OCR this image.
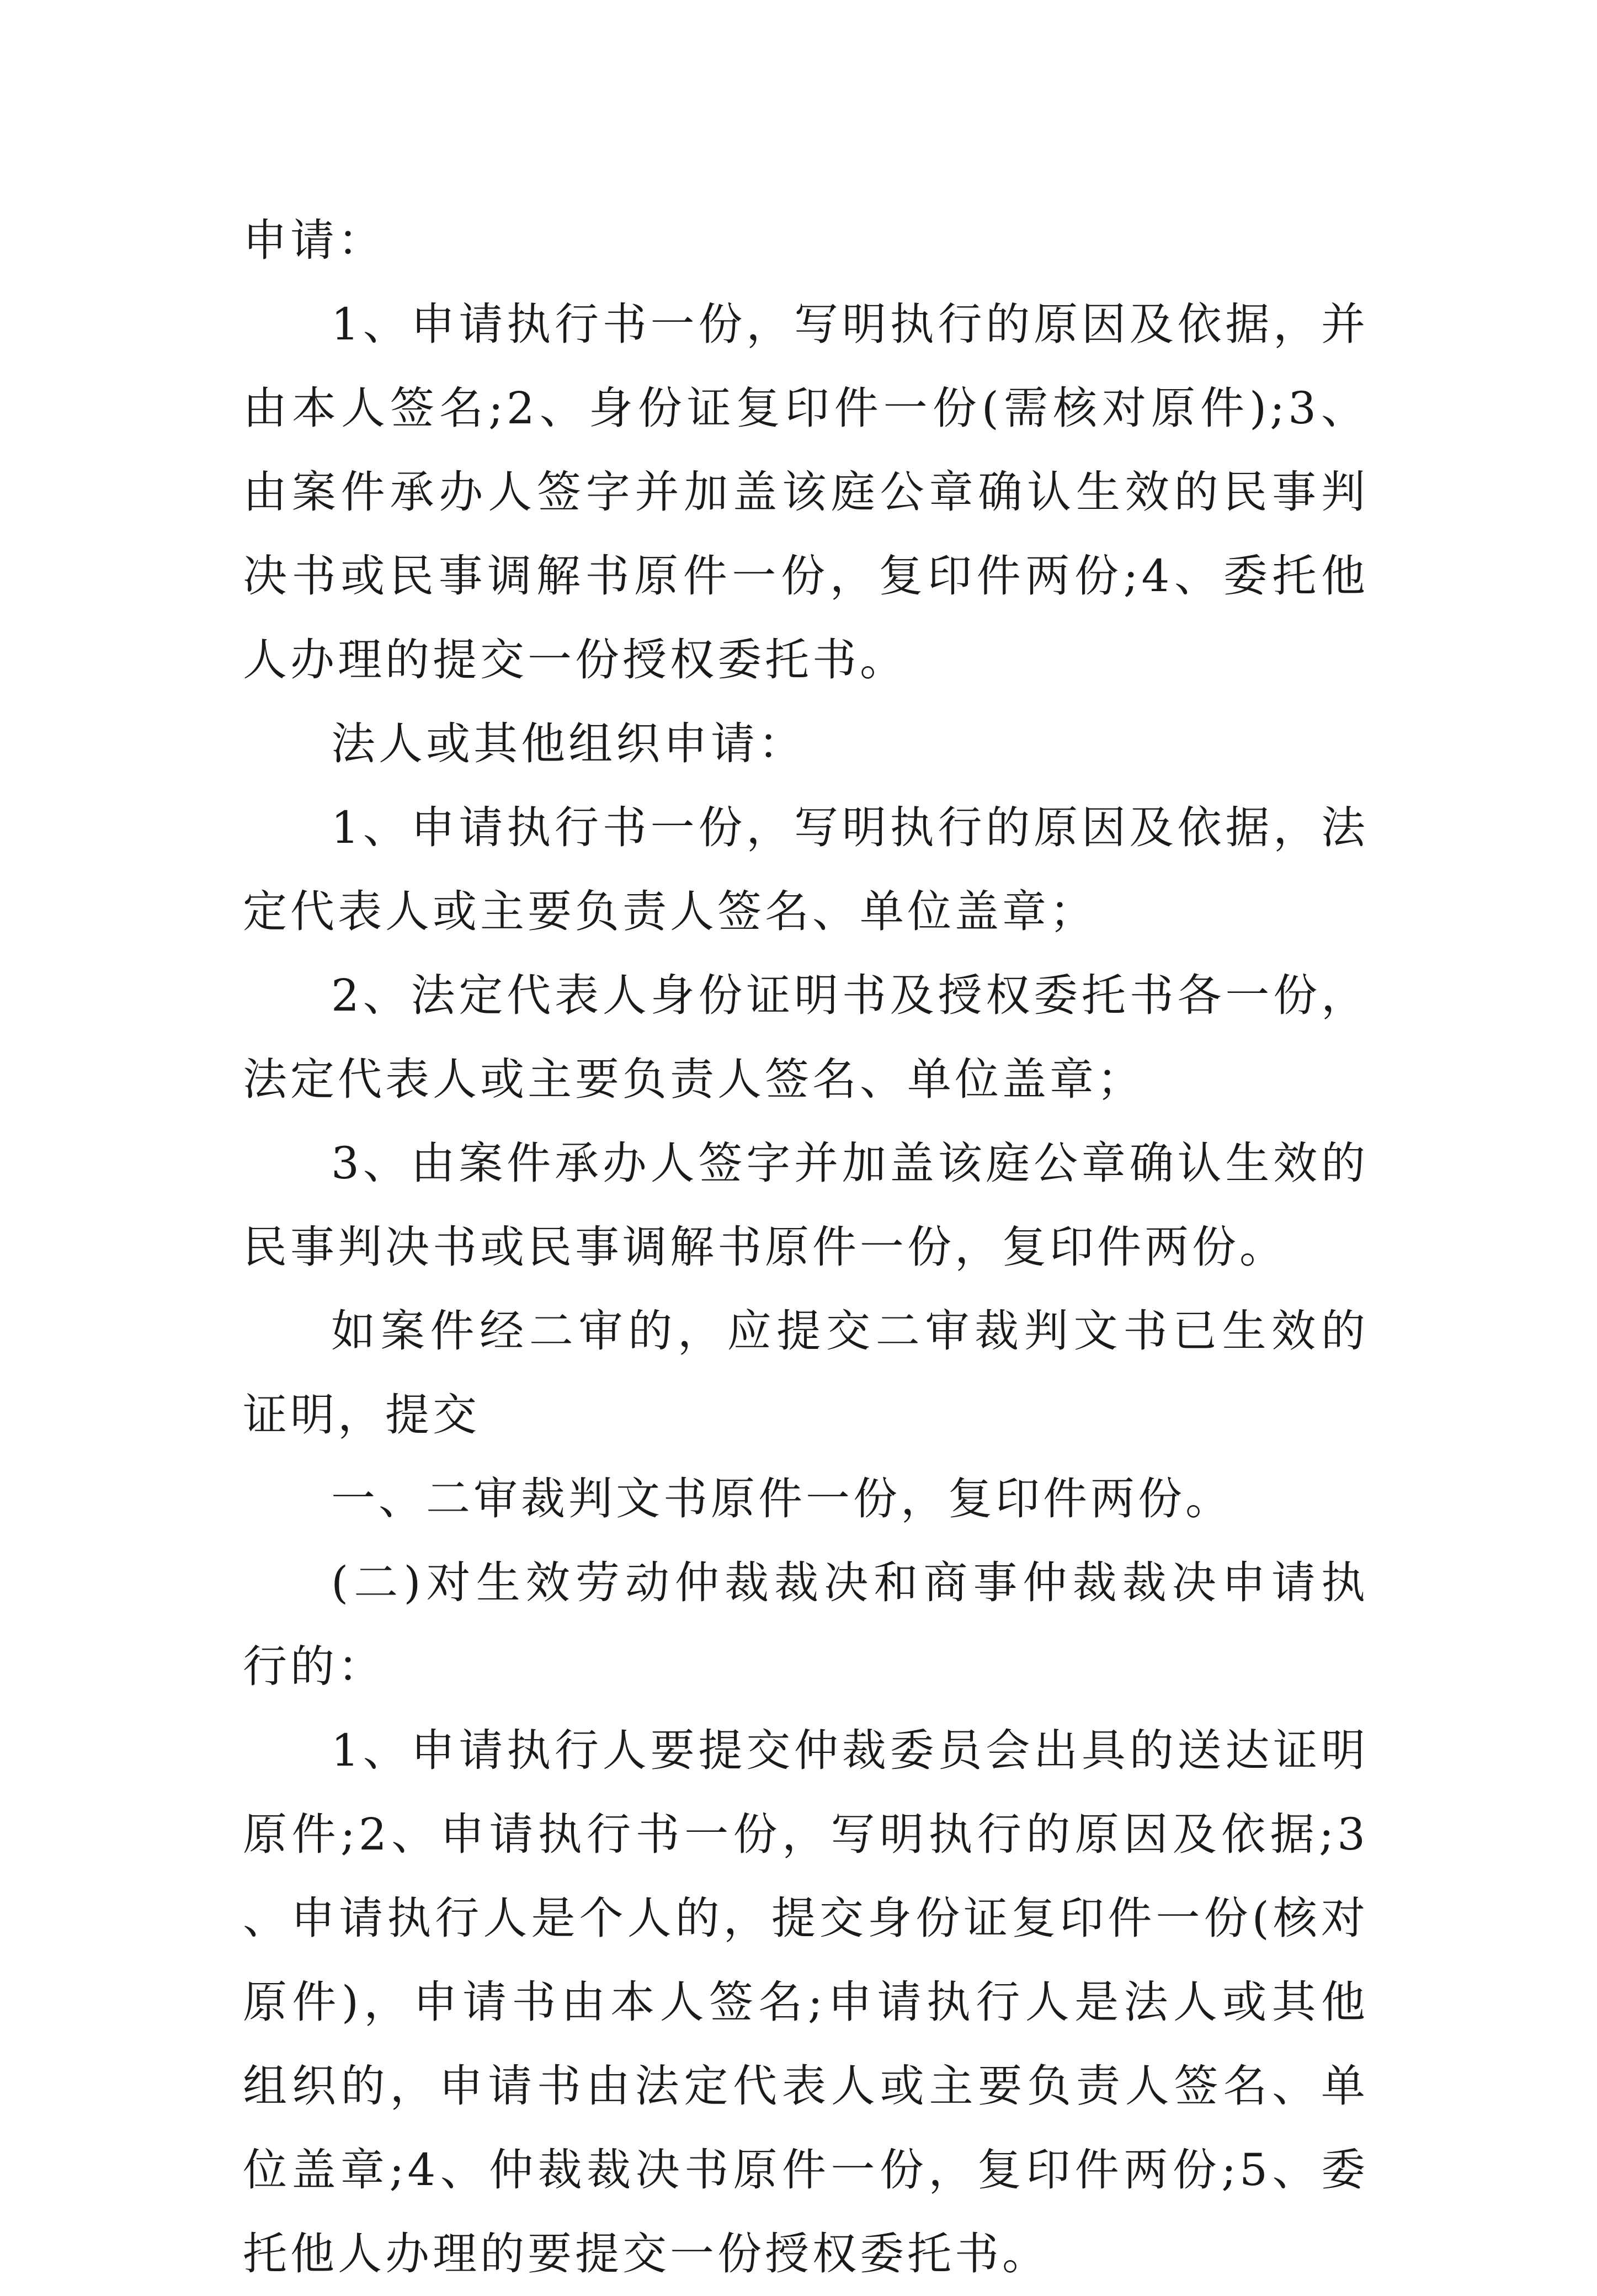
申请：

1、申请执行书一份，写明执行的原因及依据，并由本人签名;2、身份证复印件一份(需核对原件);3、由案件承办人签字并加盖该庭公章确认生效的民事判决书或民事调解书原件一份，复印件两份;4、委托他人办理的提交一份授权委托书。

法人或其他组织申请：

1、申请执行书一份，写明执行的原因及依据，法定代表人或主要负责人签名、单位盖章；

2、法定代表人身份证明书及授权委托书各一份，法定代表人或主要负责人签名、单位盖章；

3、由案件承办人签字并加盖该庭公章确认生效的民事判决书或民事调解书原件一份，复印件两份。

如案件经二审的，应提交二审裁判文书已生效的证明，提交

一、二审裁判文书原件一份，复印件两份。

(二)对生效劳动仲裁裁决和商事仲裁裁决申请执行的：

1、申请执行人要提交仲裁委员会出具的送达证明原件;2、申请执行书一份，写明执行的原因及依据;3、申请执行人是个人的，提交身份证复印件一份(核对原件)，申请书由本人签名;申请执行人是法人或其他组织的，申请书由法定代表人或主要负责人签名、单位盖章;4、仲裁裁决书原件一份，复印件两份;5、委托他人办理的要提交一份授权委托书。
